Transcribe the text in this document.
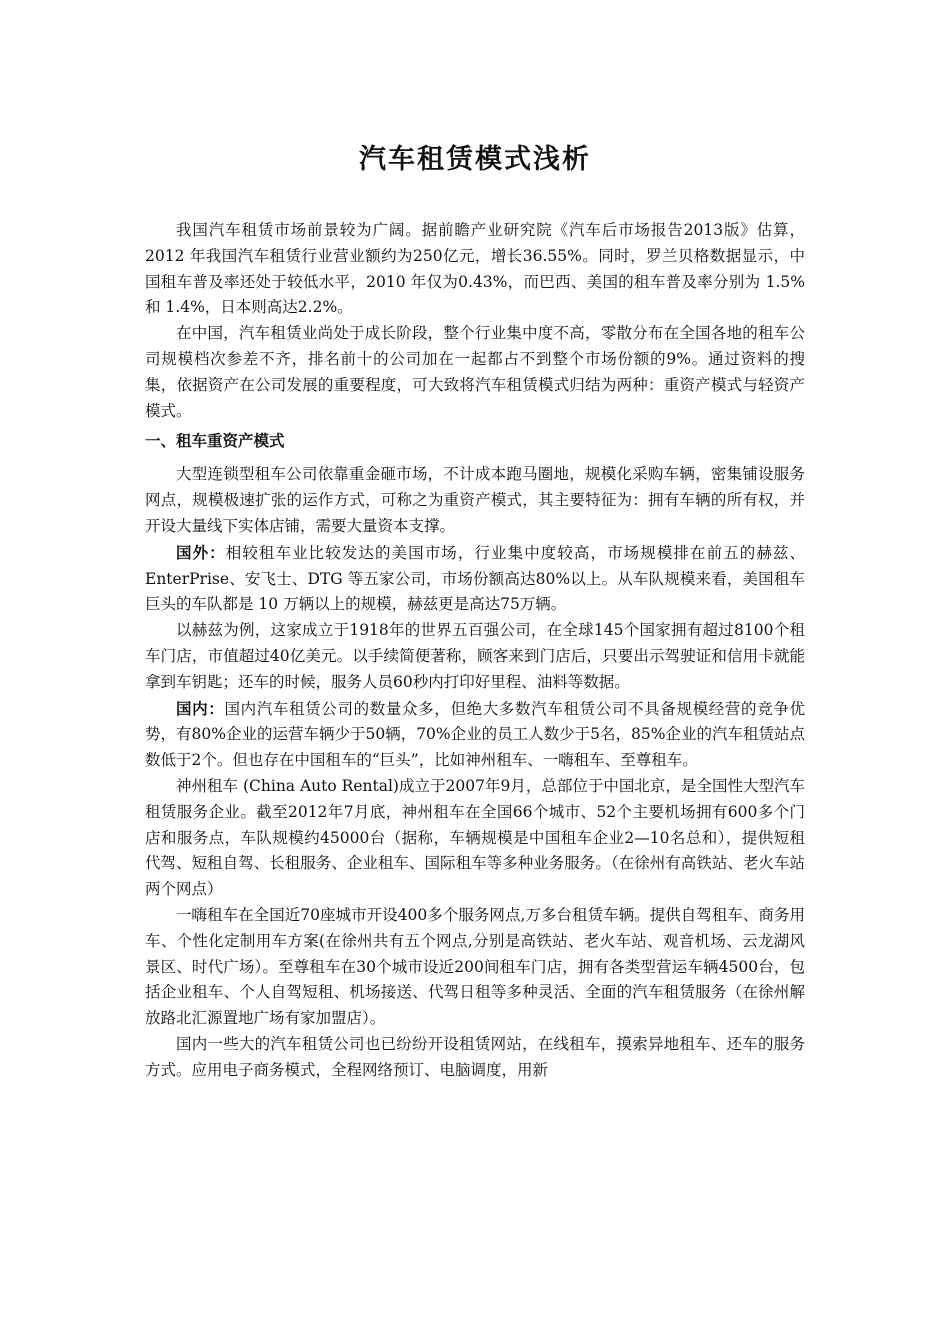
汽车租赁模式浅析

我国汽车租赁市场前景较为广阔。据前瞻产业研究院《汽车后市场报告2013版》估算，2012 年我国汽车租赁行业营业额约为250亿元，增长36.55%。同时，罗兰贝格数据显示，中国租车普及率还处于较低水平，2010 年仅为0.43%，而巴西、美国的租车普及率分别为 1.5%和 1.4%，日本则高达2.2%。

在中国，汽车租赁业尚处于成长阶段，整个行业集中度不高，零散分布在全国各地的租车公司规模档次参差不齐，排名前十的公司加在一起都占不到整个市场份额的9%。通过资料的搜集，依据资产在公司发展的重要程度，可大致将汽车租赁模式归结为两种：重资产模式与轻资产模式。

一、租车重资产模式

大型连锁型租车公司依靠重金砸市场，不计成本跑马圈地，规模化采购车辆，密集铺设服务网点，规模极速扩张的运作方式，可称之为重资产模式，其主要特征为：拥有车辆的所有权，并开设大量线下实体店铺，需要大量资本支撑。

国外：相较租车业比较发达的美国市场，行业集中度较高，市场规模排在前五的赫兹、EnterPrise、安飞士、DTG 等五家公司，市场份额高达80%以上。从车队规模来看，美国租车巨头的车队都是 10 万辆以上的规模，赫兹更是高达75万辆。

以赫兹为例，这家成立于1918年的世界五百强公司，在全球145个国家拥有超过8100个租车门店，市值超过40亿美元。以手续简便著称，顾客来到门店后，只要出示驾驶证和信用卡就能拿到车钥匙；还车的时候，服务人员60秒内打印好里程、油料等数据。

国内：国内汽车租赁公司的数量众多，但绝大多数汽车租赁公司不具备规模经营的竞争优势，有80%企业的运营车辆少于50辆，70%企业的员工人数少于5名，85%企业的汽车租赁站点数低于2个。但也存在中国租车的“巨头”，比如神州租车、一嗨租车、至尊租车。

神州租车 (China Auto Rental)成立于2007年9月，总部位于中国北京，是全国性大型汽车租赁服务企业。截至2012年7月底，神州租车在全国66个城市、52个主要机场拥有600多个门店和服务点，车队规模约45000台（据称，车辆规模是中国租车企业2—10名总和），提供短租代驾、短租自驾、长租服务、企业租车、国际租车等多种业务服务。（在徐州有高铁站、老火车站两个网点）

一嗨租车在全国近70座城市开设400多个服务网点,万多台租赁车辆。提供自驾租车、商务用车、个性化定制用车方案(在徐州共有五个网点,分别是高铁站、老火车站、观音机场、云龙湖风景区、时代广场）。至尊租车在30个城市设近200间租车门店，拥有各类型营运车辆4500台，包括企业租车、个人自驾短租、机场接送、代驾日租等多种灵活、全面的汽车租赁服务（在徐州解放路北汇源置地广场有家加盟店）。

国内一些大的汽车租赁公司也已纷纷开设租赁网站，在线租车，摸索异地租车、还车的服务方式。应用电子商务模式，全程网络预订、电脑调度，用新
